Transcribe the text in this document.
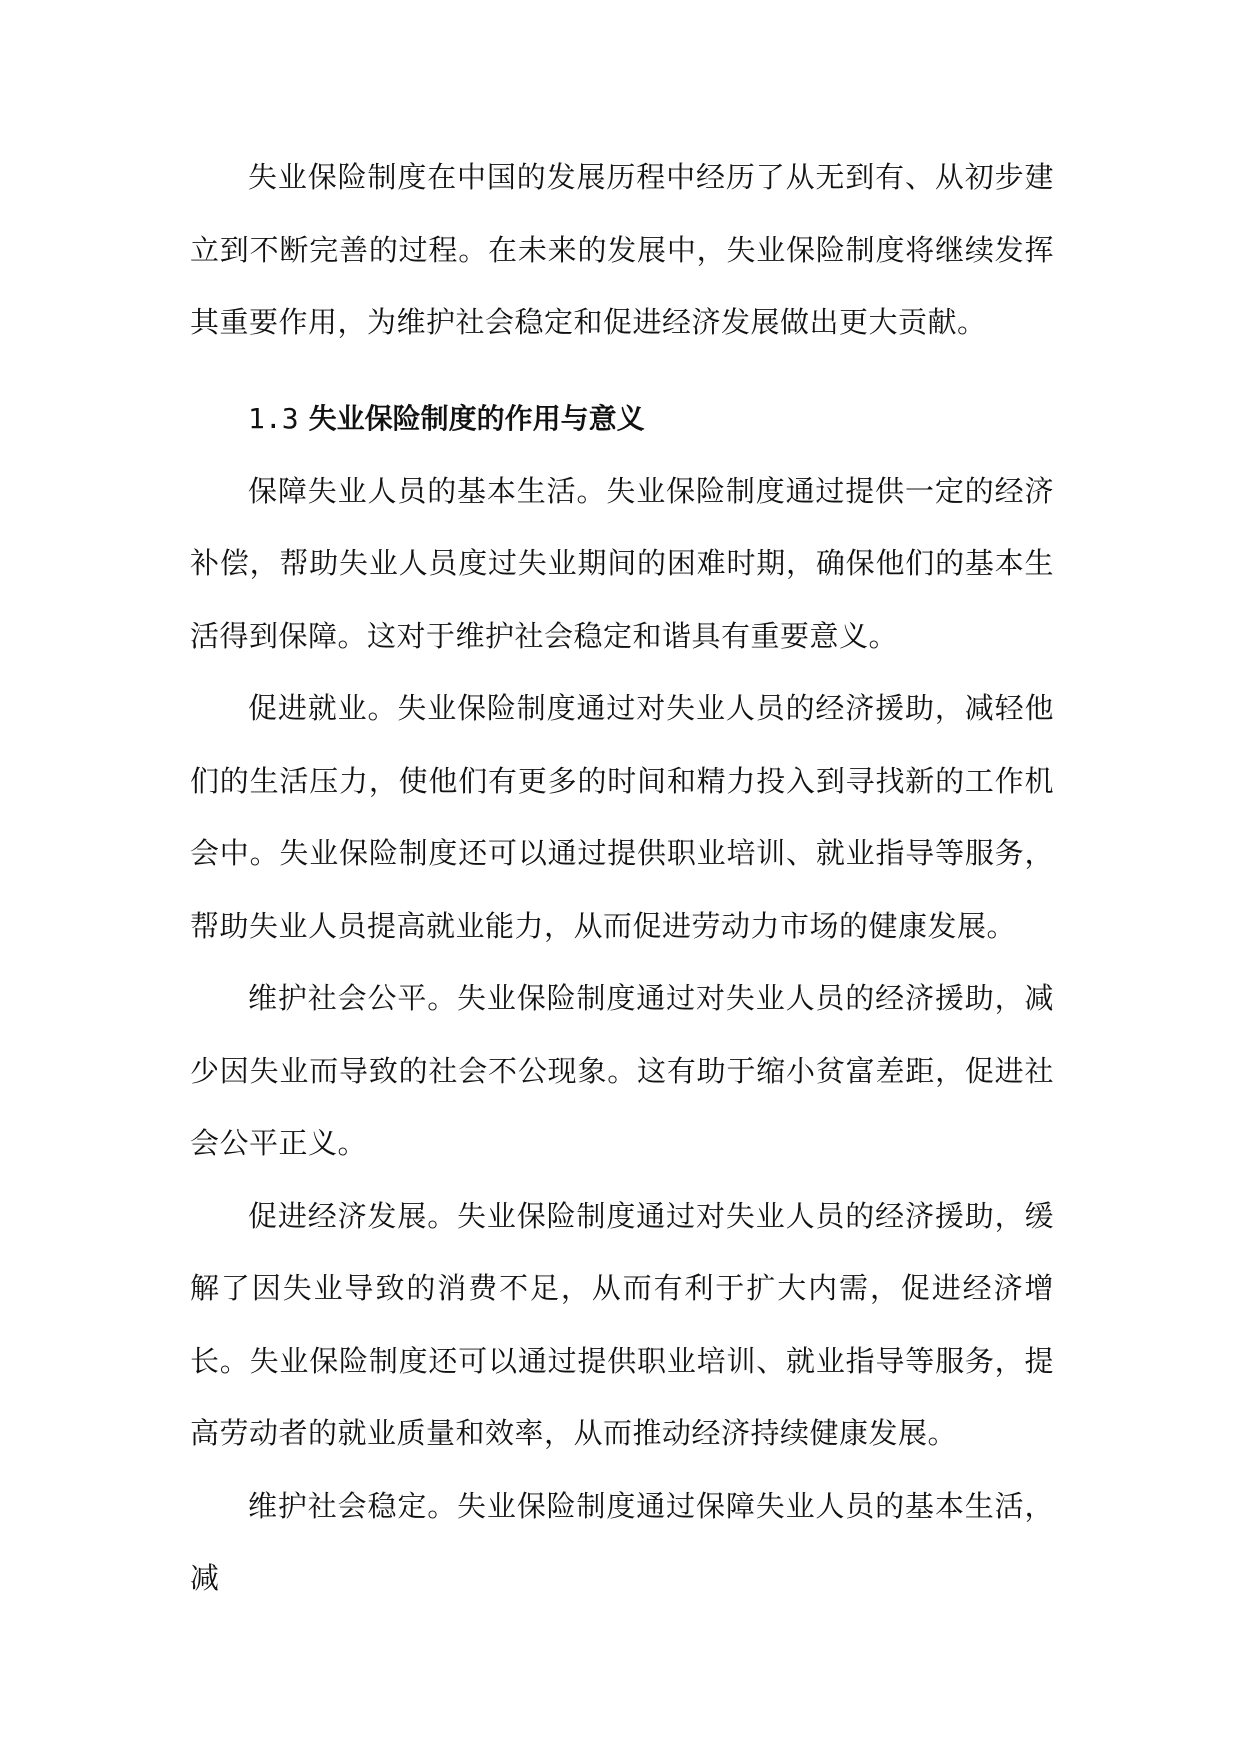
失业保险制度在中国的发展历程中经历了从无到有、从初步建立到不断完善的过程。在未来的发展中，失业保险制度将继续发挥其重要作用，为维护社会稳定和促进经济发展做出更大贡献。

1.3 失业保险制度的作用与意义

保障失业人员的基本生活。失业保险制度通过提供一定的经济补偿，帮助失业人员度过失业期间的困难时期，确保他们的基本生活得到保障。这对于维护社会稳定和谐具有重要意义。

促进就业。失业保险制度通过对失业人员的经济援助，减轻他们的生活压力，使他们有更多的时间和精力投入到寻找新的工作机会中。失业保险制度还可以通过提供职业培训、就业指导等服务，帮助失业人员提高就业能力，从而促进劳动力市场的健康发展。

维护社会公平。失业保险制度通过对失业人员的经济援助，减少因失业而导致的社会不公现象。这有助于缩小贫富差距，促进社会公平正义。

促进经济发展。失业保险制度通过对失业人员的经济援助，缓解了因失业导致的消费不足，从而有利于扩大内需，促进经济增长。失业保险制度还可以通过提供职业培训、就业指导等服务，提高劳动者的就业质量和效率，从而推动经济持续健康发展。

维护社会稳定。失业保险制度通过保障失业人员的基本生活，减
